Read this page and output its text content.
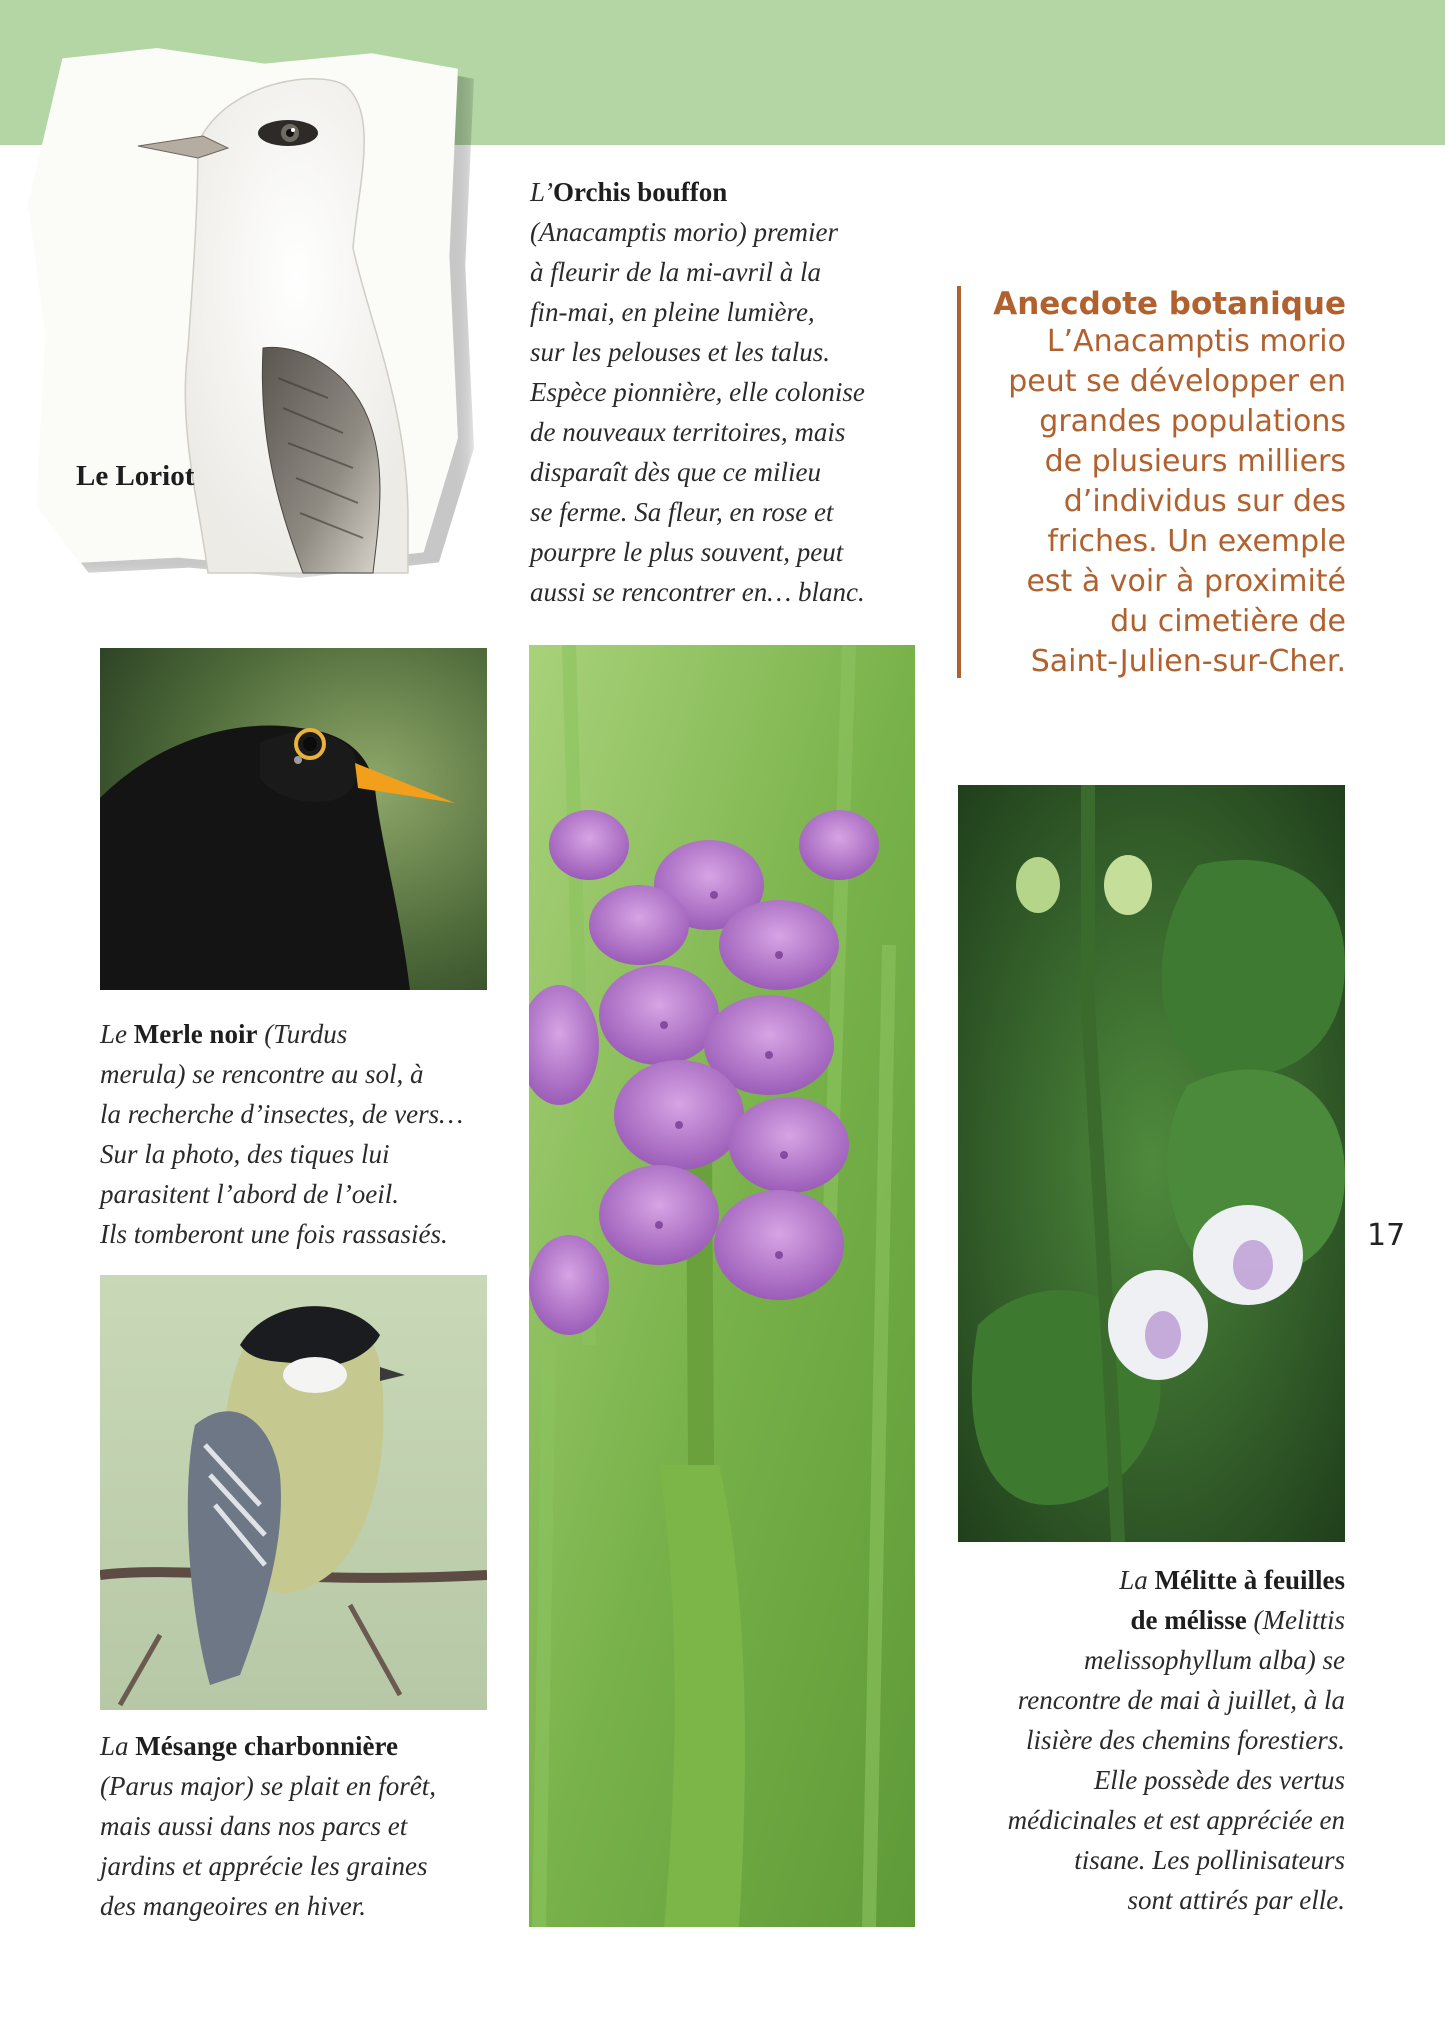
Le Loriot

L’Orchis bouffon

(Anacamptis morio) premier

à fleurir de la mi-avril à la

fin-mai, en pleine lumière,

sur les pelouses et les talus.

Espèce pionnière, elle colonise

de nouveaux territoires, mais

disparaît dès que ce milieu

se ferme. Sa fleur, en rose et

pourpre le plus souvent, peut

aussi se rencontrer en… blanc.

Anecdote botanique
L’Anacamptis morio
peut se développer en
grandes populations
de plusieurs milliers
d’individus sur des
friches. Un exemple
est à voir à proximité
du cimetière de
Saint-Julien-sur-Cher.

Le Merle noir (Turdus

merula) se rencontre au sol, à

la recherche d’insectes, de vers…

Sur la photo, des tiques lui

parasitent l’abord de l’oeil.

Ils tomberont une fois rassasiés.

La Mésange charbonnière

(Parus major) se plait en forêt,

mais aussi dans nos parcs et

jardins et apprécie les graines

des mangeoires en hiver.

La Mélitte à feuilles

de mélisse (Melittis

melissophyllum alba) se

rencontre de mai à juillet, à la

lisière des chemins forestiers.

Elle possède des vertus

médicinales et est appréciée en

tisane. Les pollinisateurs

sont attirés par elle.

17
